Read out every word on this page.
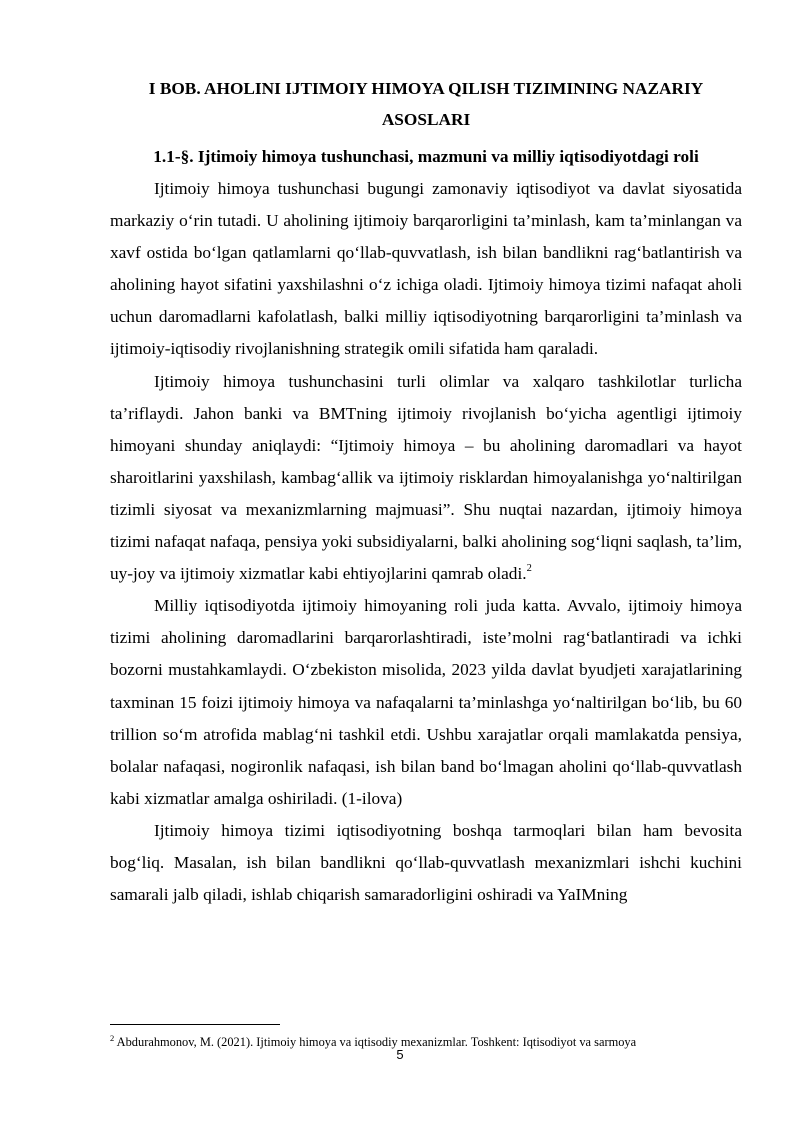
I BOB. AHOLINI IJTIMOIY HIMOYA QILISH TIZIMINING NAZARIY ASOSLARI
1.1-§. Ijtimoiy himoya tushunchasi, mazmuni va milliy iqtisodiyotdagi roli

Ijtimoiy himoya tushunchasi bugungi zamonaviy iqtisodiyot va davlat siyosatida markaziy oʻrin tutadi. U aholining ijtimoiy barqarorligini ta’minlash, kam ta’minlangan va xavf ostida boʻlgan qatlamlarni qoʻllab-quvvatlash, ish bilan bandlikni ragʻbatlantirish va aholining hayot sifatini yaxshilashni oʻz ichiga oladi. Ijtimoiy himoya tizimi nafaqat aholi uchun daromadlarni kafolatlash, balki milliy iqtisodiyotning barqarorligini ta’minlash va ijtimoiy-iqtisodiy rivojlanishning strategik omili sifatida ham qaraladi.

Ijtimoiy himoya tushunchasini turli olimlar va xalqaro tashkilotlar turlicha ta’riflaydi. Jahon banki va BMTning ijtimoiy rivojlanish boʻyicha agentligi ijtimoiy himoyani shunday aniqlaydi: “Ijtimoiy himoya – bu aholining daromadlari va hayot sharoitlarini yaxshilash, kambagʻallik va ijtimoiy risklardan himoyalanishga yoʻnaltirilgan tizimli siyosat va mexanizmlarning majmuasi”. Shu nuqtai nazardan, ijtimoiy himoya tizimi nafaqat nafaqa, pensiya yoki subsidiyalarni, balki aholining sogʻliqni saqlash, ta’lim, uy-joy va ijtimoiy xizmatlar kabi ehtiyojlarini qamrab oladi.$^2$

Milliy iqtisodiyotda ijtimoiy himoyaning roli juda katta. Avvalo, ijtimoiy himoya tizimi aholining daromadlarini barqarorlashtiradi, iste’molni ragʻbatlantiradi va ichki bozorni mustahkamlaydi. Oʻzbekiston misolida, 2023 yilda davlat byudjeti xarajatlarining taxminan 15 foizi ijtimoiy himoya va nafaqalarni ta’minlashga yoʻnaltirilgan boʻlib, bu 60 trillion soʻm atrofida mablagʻni tashkil etdi. Ushbu xarajatlar orqali mamlakatda pensiya, bolalar nafaqasi, nogironlik nafaqasi, ish bilan band boʻlmagan aholini qoʻllab-quvvatlash kabi xizmatlar amalga oshiriladi. (1-ilova)

Ijtimoiy himoya tizimi iqtisodiyotning boshqa tarmoqlari bilan ham bevosita bogʻliq. Masalan, ish bilan bandlikni qoʻllab-quvvatlash mexanizmlari ishchi kuchini samarali jalb qiladi, ishlab chiqarish samaradorligini oshiradi va YaIMning

$^2$ Abdurahmonov, M. (2021). Ijtimoiy himoya va iqtisodiy mexanizmlar. Toshkent: Iqtisodiyot va sarmoya
5
